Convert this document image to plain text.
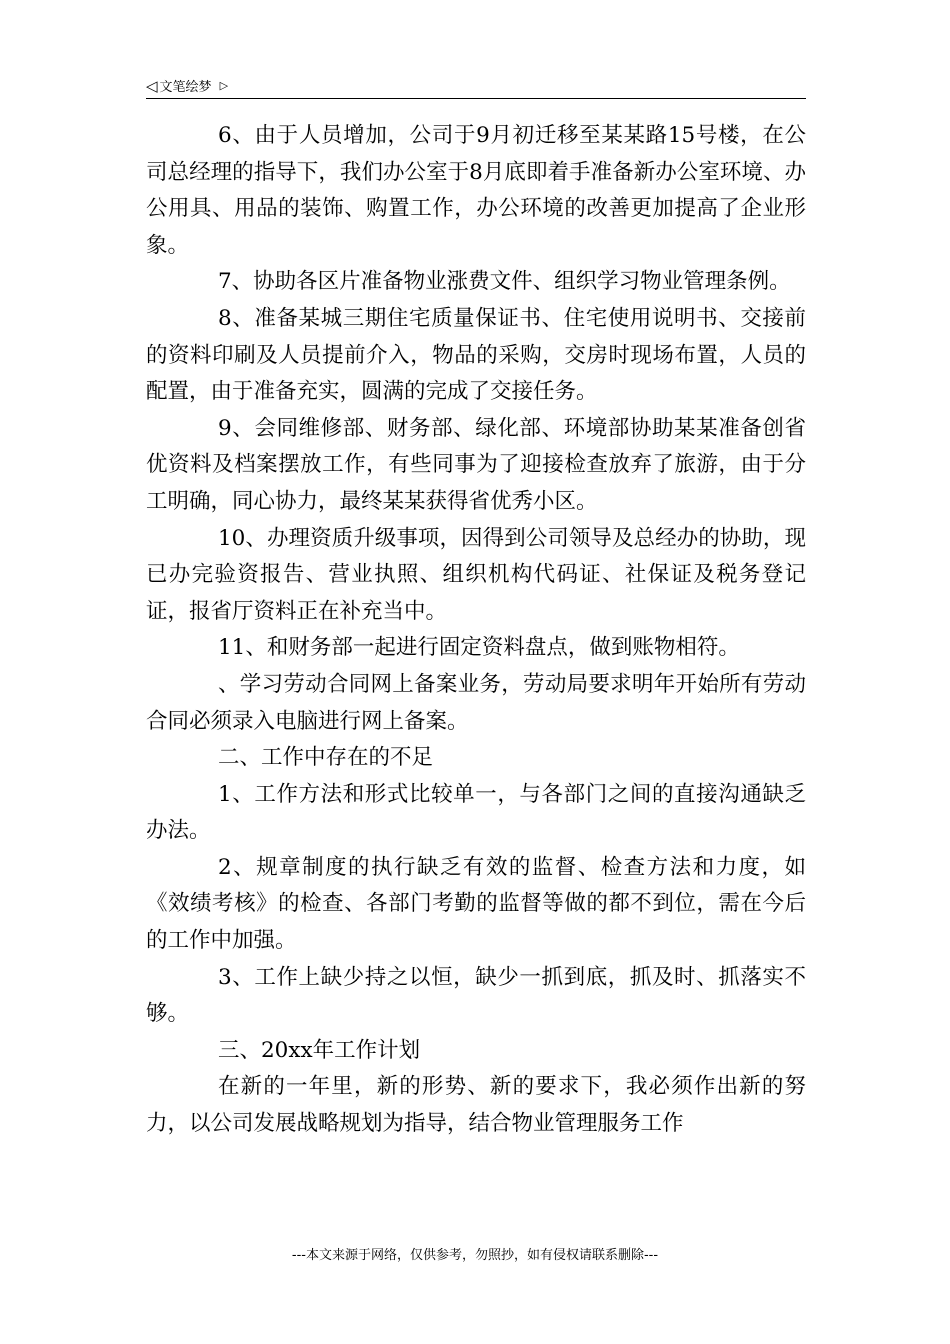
◁ 文笔绘梦 ▷

6、由于人员增加，公司于9月初迁移至某某路15号楼，在公司总经理的指导下，我们办公室于8月底即着手准备新办公室环境、办公用具、用品的装饰、购置工作，办公环境的改善更加提高了企业形象。

7、协助各区片准备物业涨费文件、组织学习物业管理条例。

8、准备某城三期住宅质量保证书、住宅使用说明书、交接前的资料印刷及人员提前介入，物品的采购，交房时现场布置，人员的配置，由于准备充实，圆满的完成了交接任务。

9、会同维修部、财务部、绿化部、环境部协助某某准备创省优资料及档案摆放工作，有些同事为了迎接检查放弃了旅游，由于分工明确，同心协力，最终某某获得省优秀小区。

10、办理资质升级事项，因得到公司领导及总经办的协助，现已办完验资报告、营业执照、组织机构代码证、社保证及税务登记证，报省厅资料正在补充当中。

11、和财务部一起进行固定资料盘点，做到账物相符。

、学习劳动合同网上备案业务，劳动局要求明年开始所有劳动合同必须录入电脑进行网上备案。

二、工作中存在的不足

1、工作方法和形式比较单一，与各部门之间的直接沟通缺乏办法。

2、规章制度的执行缺乏有效的监督、检查方法和力度，如《效绩考核》的检查、各部门考勤的监督等做的都不到位，需在今后的工作中加强。

3、工作上缺少持之以恒，缺少一抓到底，抓及时、抓落实不够。

三、20xx年工作计划

在新的一年里，新的形势、新的要求下，我必须作出新的努力，以公司发展战略规划为指导，结合物业管理服务工作

---本文来源于网络，仅供参考，勿照抄，如有侵权请联系删除---
